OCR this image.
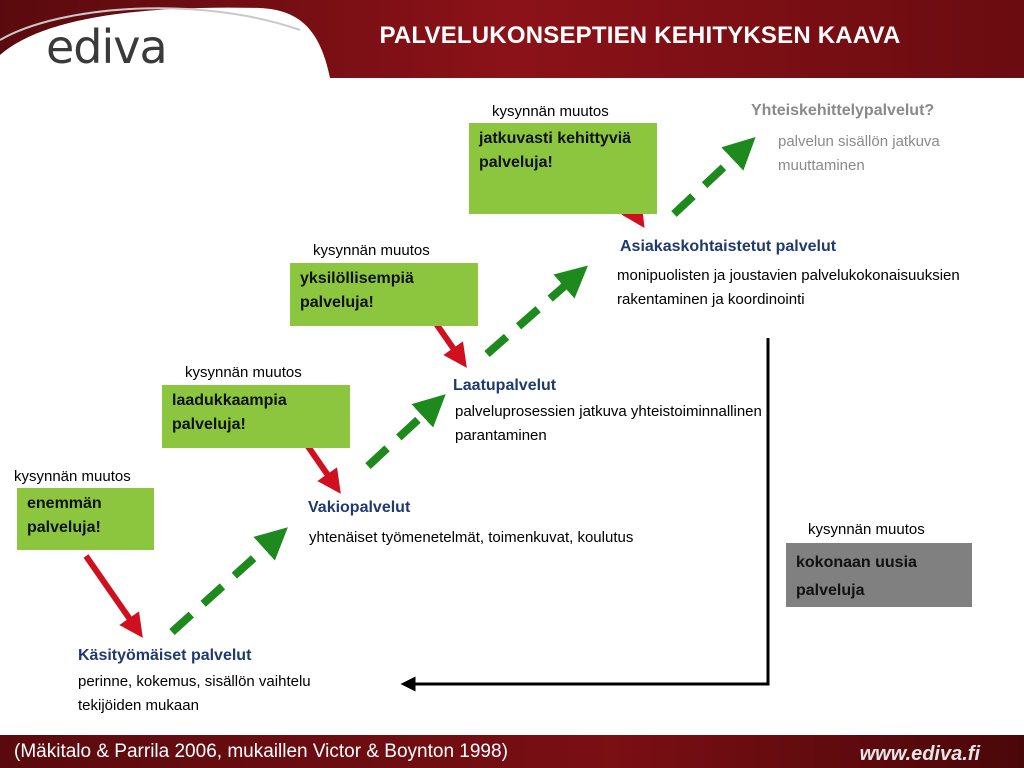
ediva	PALVELUKONSEPTIEN KEHITYKSEN KAAVA
kysynnän muutos
kysynnän muutos
kysynnän muutos
kysynnän muutos
kysynnän muutos
enemmän palveluja!
laadukkaampia palveluja!
yksilöllisempiä palveluja!
jatkuvasti kehittyviä palveluja!
kokonaan uusia palveluja
Käsityömäiset palvelut
perinne, kokemus, sisällön vaihtelu tekijöiden mukaan
Vakiopalvelut
yhtenäiset työmenetelmät, toimenkuvat, koulutus
Laatupalvelut
palveluprosessien jatkuva yhteistoiminnallinen parantaminen
Asiakaskohtaistetut palvelut
monipuolisten ja joustavien palvelukokonaisuuksien rakentaminen ja koordinointi
Yhteiskehittelypalvelut?
palvelun sisällön jatkuva muuttaminen
(Mäkitalo & Parrila 2006, mukaillen Victor & Boynton 1998)	www.ediva.fi
